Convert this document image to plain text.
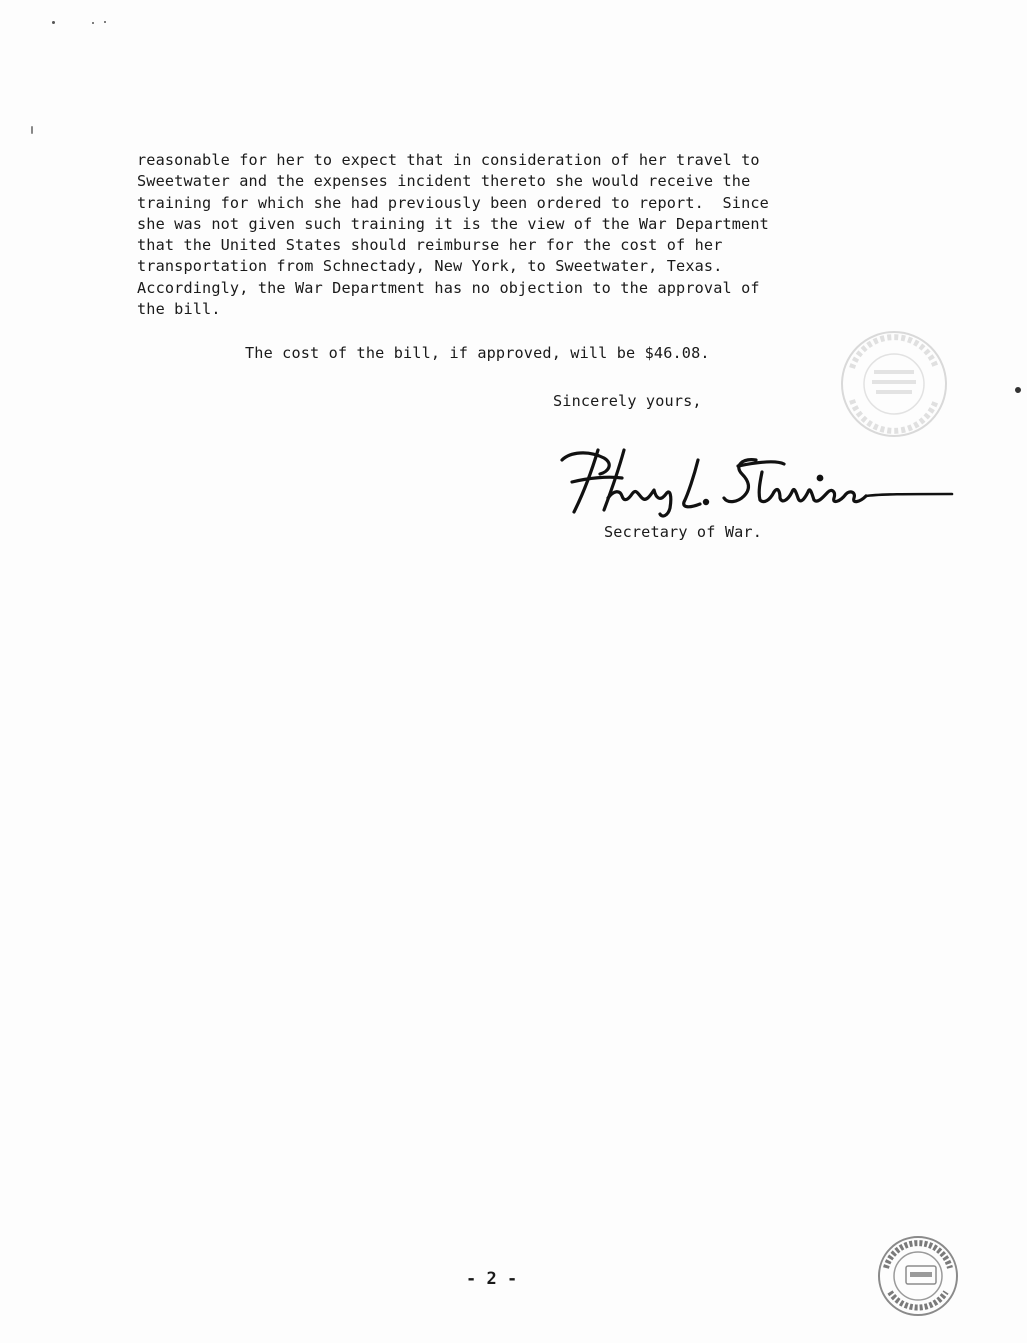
reasonable for her to expect that in consideration of her travel to
Sweetwater and the expenses incident thereto she would receive the
training for which she had previously been ordered to report.  Since
she was not given such training it is the view of the War Department
that the United States should reimburse her for the cost of her
transportation from Schnectady, New York, to Sweetwater, Texas.
Accordingly, the War Department has no objection to the approval of
the bill.
The cost of the bill, if approved, will be $46.08.
Sincerely yours,
Secretary of War.
- 2 -
